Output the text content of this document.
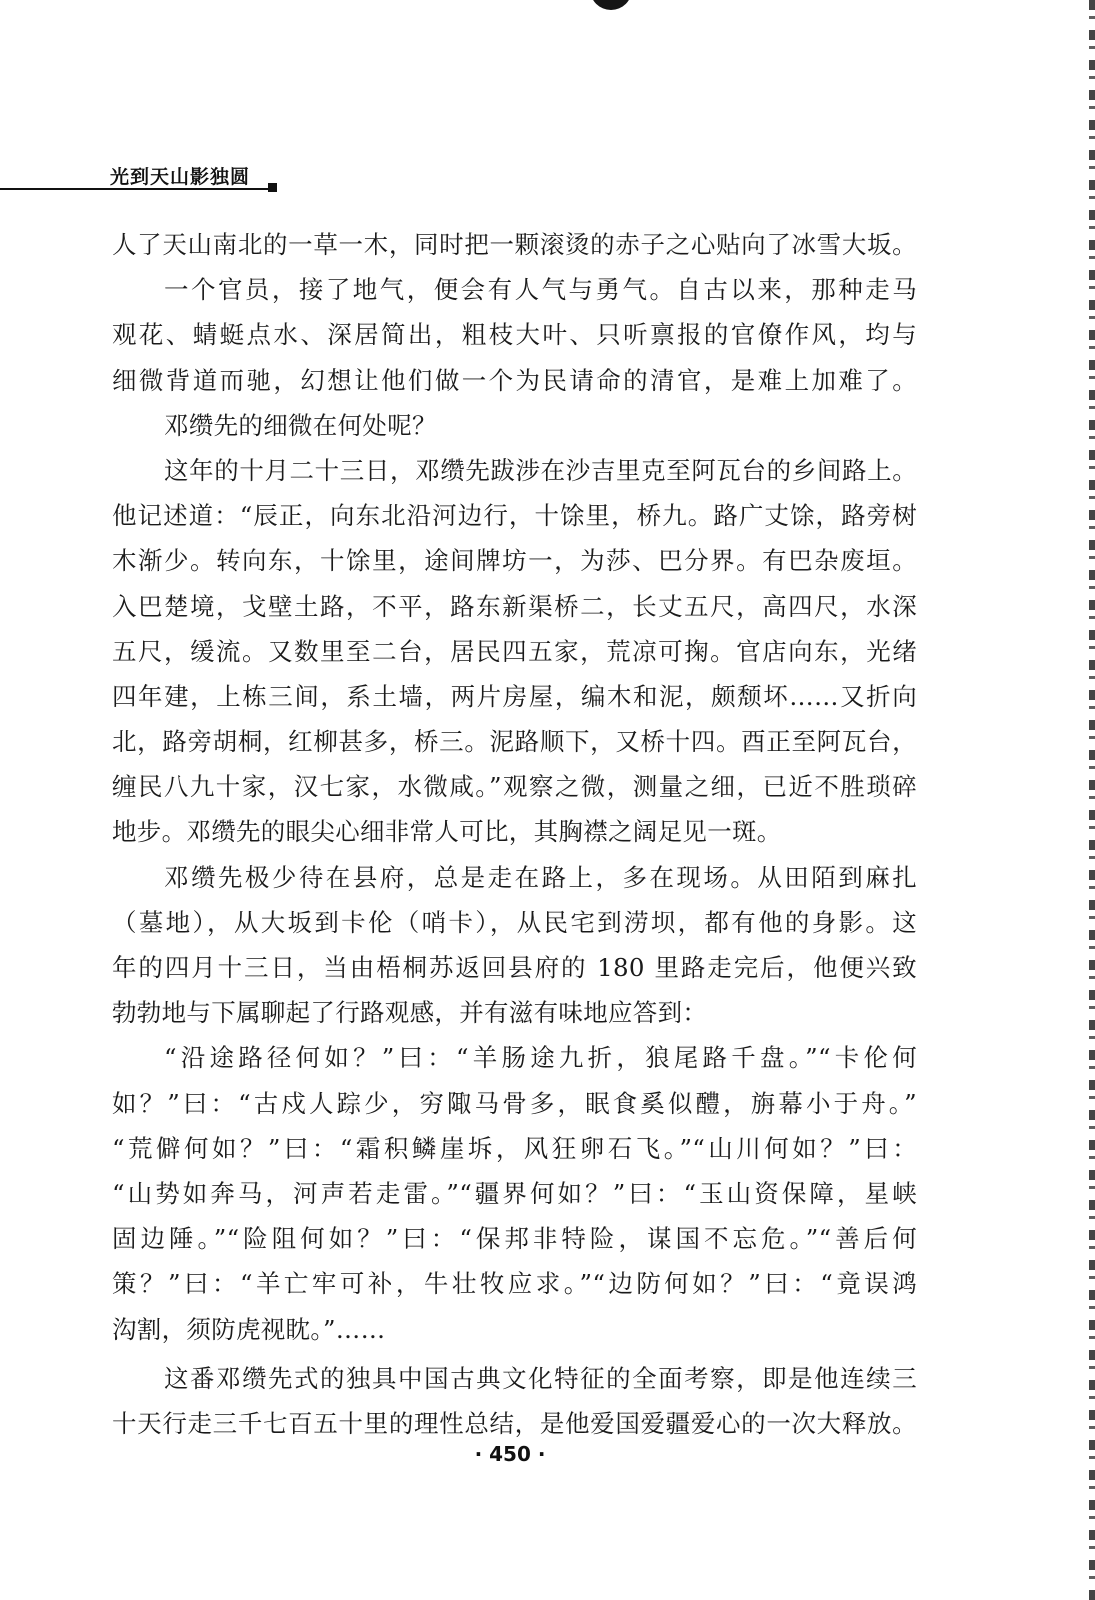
光到天山影独圆
人了天山南北的一草一木，同时把一颗滚烫的赤子之心贴向了冰雪大坂。
一个官员，接了地气，便会有人气与勇气。自古以来，那种走马
观花、蜻蜓点水、深居简出，粗枝大叶、只听禀报的官僚作风，均与
细微背道而驰，幻想让他们做一个为民请命的清官，是难上加难了。
邓缵先的细微在何处呢？
这年的十月二十三日，邓缵先跋涉在沙吉里克至阿瓦台的乡间路上。
他记述道：“辰正，向东北沿河边行，十馀里，桥九。路广丈馀，路旁树
木渐少。转向东，十馀里，途间牌坊一，为莎、巴分界。有巴杂废垣。
入巴楚境，戈壁土路，不平，路东新渠桥二，长丈五尺，高四尺，水深
五尺，缓流。又数里至二台，居民四五家，荒凉可掬。官店向东，光绪
四年建，上栋三间，系土墙，两片房屋，编木和泥，颇颓坏……又折向
北，路旁胡桐，红柳甚多，桥三。泥路顺下，又桥十四。酉正至阿瓦台，
缠民八九十家，汉七家，水微咸。”观察之微，测量之细，已近不胜琐碎
地步。邓缵先的眼尖心细非常人可比，其胸襟之阔足见一斑。
邓缵先极少待在县府，总是走在路上，多在现场。从田陌到麻扎
（墓地），从大坂到卡伦（哨卡），从民宅到涝坝，都有他的身影。这
年的四月十三日，当由梧桐苏返回县府的 180 里路走完后，他便兴致
勃勃地与下属聊起了行路观感，并有滋有味地应答到：
“沿途路径何如？”曰：“羊肠途九折，狼尾路千盘。”“卡伦何
如？”曰：“古戍人踪少，穷陬马骨多，眠食奚似醴，旃幕小于舟。”
“荒僻何如？”曰：“霜积鳞崖坼，风狂卵石飞。”“山川何如？”曰：
“山势如奔马，河声若走雷。”“疆界何如？”曰：“玉山资保障，星峡
固边陲。”“险阻何如？”曰：“保邦非特险，谋国不忘危。”“善后何
策？”曰：“羊亡牢可补，牛壮牧应求。”“边防何如？”曰：“竟误鸿
沟割，须防虎视眈。”……
这番邓缵先式的独具中国古典文化特征的全面考察，即是他连续三
十天行走三千七百五十里的理性总结，是他爱国爱疆爱心的一次大释放。
· 450 ·
